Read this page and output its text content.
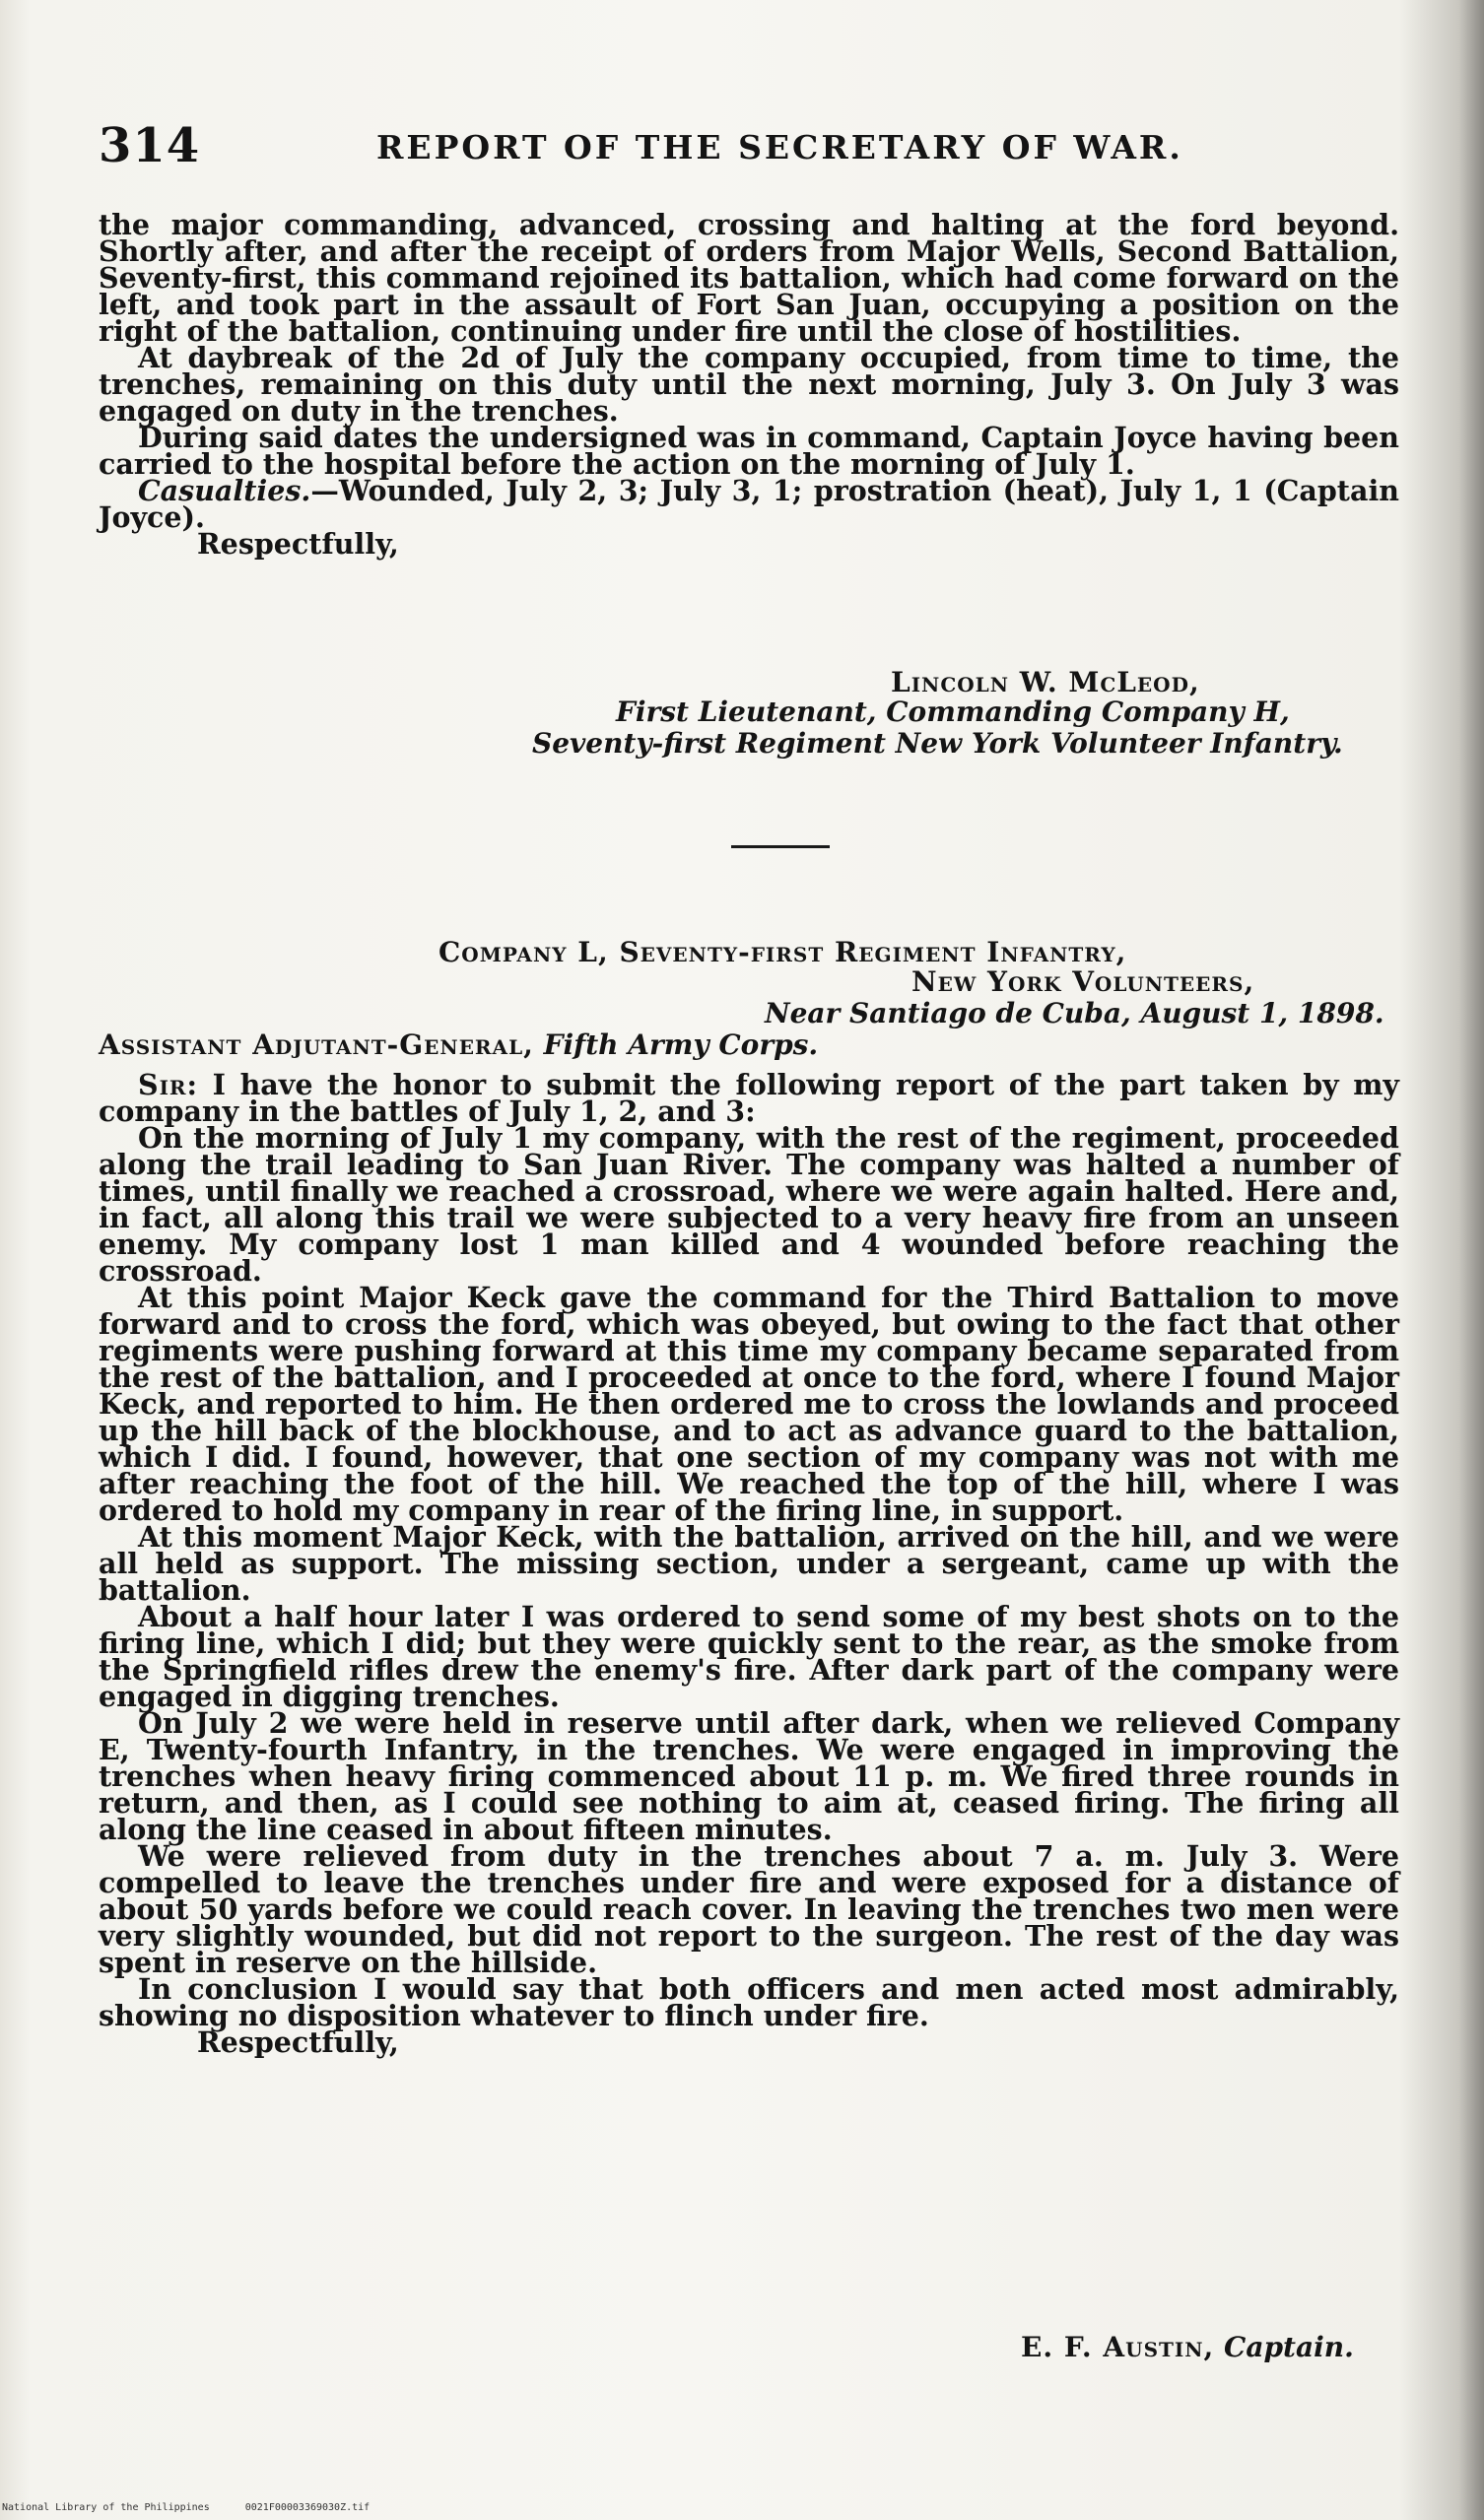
314	REPORT OF THE SECRETARY OF WAR.

the major commanding, advanced, crossing and halting at the ford beyond. Shortly after, and after the receipt of orders from Major Wells, Second Battalion, Seventy-first, this command rejoined its battalion, which had come forward on the left, and took part in the assault of Fort San Juan, occupying a position on the right of the battalion, continuing under fire until the close of hostilities.

At daybreak of the 2d of July the company occupied, from time to time, the trenches, remaining on this duty until the next morning, July 3. On July 3 was engaged on duty in the trenches.

During said dates the undersigned was in command, Captain Joyce having been carried to the hospital before the action on the morning of July 1.

Casualties.—Wounded, July 2, 3; July 3, 1; prostration (heat), July 1, 1 (Captain Joyce).

Respectfully,

Lincoln W. McLeod,
First Lieutenant, Commanding Company H,
Seventy-first Regiment New York Volunteer Infantry.
Company L, Seventy-first Regiment Infantry,
New York Volunteers,
Near Santiago de Cuba, August 1, 1898.
Assistant Adjutant-General, Fifth Army Corps.

Sir: I have the honor to submit the following report of the part taken by my company in the battles of July 1, 2, and 3:

On the morning of July 1 my company, with the rest of the regiment, proceeded along the trail leading to San Juan River. The company was halted a number of times, until finally we reached a crossroad, where we were again halted. Here and, in fact, all along this trail we were subjected to a very heavy fire from an unseen enemy. My company lost 1 man killed and 4 wounded before reaching the crossroad.

At this point Major Keck gave the command for the Third Battalion to move forward and to cross the ford, which was obeyed, but owing to the fact that other regiments were pushing forward at this time my company became separated from the rest of the battalion, and I proceeded at once to the ford, where I found Major Keck, and reported to him. He then ordered me to cross the lowlands and proceed up the hill back of the blockhouse, and to act as advance guard to the battalion, which I did. I found, however, that one section of my company was not with me after reaching the foot of the hill. We reached the top of the hill, where I was ordered to hold my company in rear of the firing line, in support.

At this moment Major Keck, with the battalion, arrived on the hill, and we were all held as support. The missing section, under a sergeant, came up with the battalion.

About a half hour later I was ordered to send some of my best shots on to the firing line, which I did; but they were quickly sent to the rear, as the smoke from the Springfield rifles drew the enemy's fire. After dark part of the company were engaged in digging trenches.

On July 2 we were held in reserve until after dark, when we relieved Company E, Twenty-fourth Infantry, in the trenches. We were engaged in improving the trenches when heavy firing commenced about 11 p. m. We fired three rounds in return, and then, as I could see nothing to aim at, ceased firing. The firing all along the line ceased in about fifteen minutes.

We were relieved from duty in the trenches about 7 a. m. July 3. Were compelled to leave the trenches under fire and were exposed for a distance of about 50 yards before we could reach cover. In leaving the trenches two men were very slightly wounded, but did not report to the surgeon. The rest of the day was spent in reserve on the hillside.

In conclusion I would say that both officers and men acted most admirably, showing no disposition whatever to flinch under fire.

Respectfully,

E. F. Austin, Captain.
National Library of the Philippines	0021F00003369030Z.tif
